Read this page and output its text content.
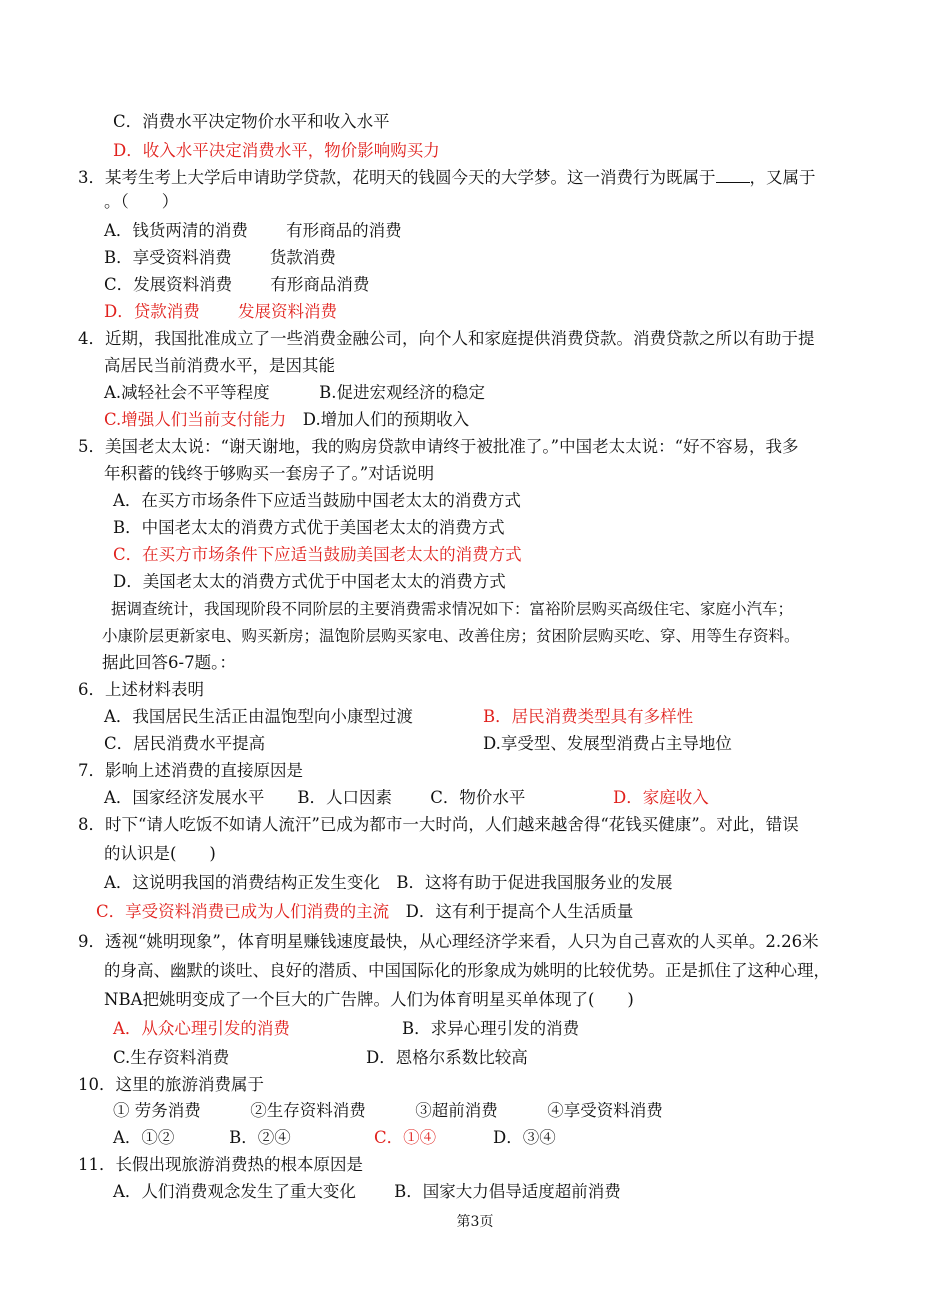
C．消费水平决定物价水平和收入水平
D．收入水平决定消费水平，物价影响购买力
3．某考生考上大学后申请助学贷款，花明天的钱圆今天的大学梦。这一消费行为既属于 ，又属于
。（　　）
A．钱货两清的消费　　 有形商品的消费
B．享受资料消费　　 货款消费
C．发展资料消费　　 有形商品消费
D．贷款消费　　 发展资料消费
4．近期，我国批准成立了一些消费金融公司，向个人和家庭提供消费贷款。消费贷款之所以有助于提
高居民当前消费水平，是因其能
A.减轻社会不平等程度　　　B.促进宏观经济的稳定
C.增强人们当前支付能力　D.增加人们的预期收入
5．美国老太太说：“谢天谢地，我的购房贷款申请终于被批准了。”中国老太太说：“好不容易，我多
年积蓄的钱终于够购买一套房子了。”对话说明
A．在买方市场条件下应适当鼓励中国老太太的消费方式
B．中国老太太的消费方式优于美国老太太的消费方式
C．在买方市场条件下应适当鼓励美国老太太的消费方式
D．美国老太太的消费方式优于中国老太太的消费方式
据调查统计，我国现阶段不同阶层的主要消费需求情况如下：富裕阶层购买高级住宅、家庭小汽车；
小康阶层更新家电、购买新房；温饱阶层购买家电、改善住房；贫困阶层购买吃、穿、用等生存资料。
据此回答6-7题。：
6．上述材料表明
A．我国居民生活正由温饱型向小康型过渡	B．居民消费类型具有多样性
C．居民消费水平提高	D.享受型、发展型消费占主导地位
7．影响上述消费的直接原因是
A．国家经济发展水平　　B．人口因素　　 C．物价水平	D．家庭收入
8．时下“请人吃饭不如请人流汗”已成为都市一大时尚，人们越来越舍得“花钱买健康”。对此，错误
的认识是(　　)
A．这说明我国的消费结构正发生变化　B．这将有助于促进我国服务业的发展
C．享受资料消费已成为人们消费的主流　D．这有利于提高个人生活质量
9．透视“姚明现象”，体育明星赚钱速度最快，从心理经济学来看，人只为自己喜欢的人买单。2.26米
的身高、幽默的谈吐、良好的潜质、中国国际化的形象成为姚明的比较优势。正是抓住了这种心理，
NBA把姚明变成了一个巨大的广告牌。人们为体育明星买单体现了(　　)
A．从众心理引发的消费	B．求异心理引发的消费
C.生存资料消费	D．恩格尔系数比较高
10．这里的旅游消费属于
① 劳务消费　　　②生存资料消费　　　③超前消费　　　④享受资料消费
A．①②　　　 B．②④	C．①④	D．③④
11．长假出现旅游消费热的根本原因是
A．人们消费观念发生了重大变化　　 B．国家大力倡导适度超前消费
第3页
